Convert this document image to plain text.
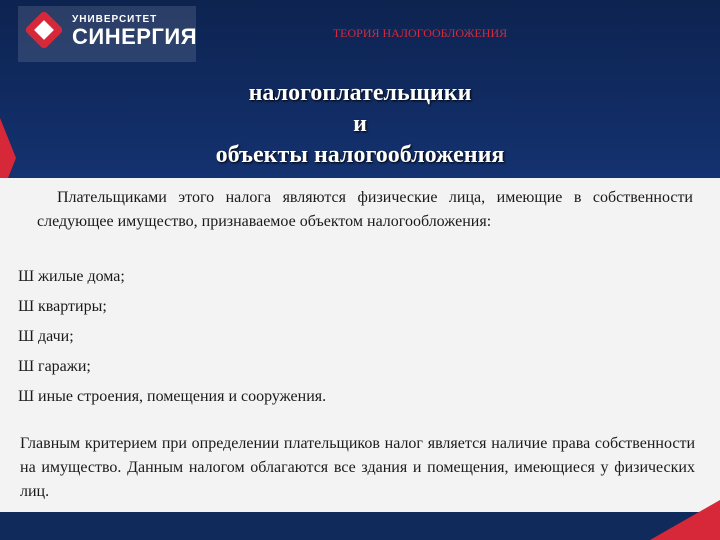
УНИВЕРСИТЕТ
СИНЕРГИЯ	ТЕОРИЯ НАЛОГООБЛОЖЕНИЯ
налогоплательщики
и
объекты налогообложения
Плательщиками этого налога являются физические лица, имеющие в собственности следующее имущество, признаваемое объектом налогообложения:
Ш жилые дома;
Ш квартиры;
Ш дачи;
Ш гаражи;
Ш иные строения, помещения и сооружения.
Главным критерием при определении плательщиков налог является наличие права собственности на имущество. Данным налогом облагаются все здания и помещения, имеющиеся у физических лиц.
